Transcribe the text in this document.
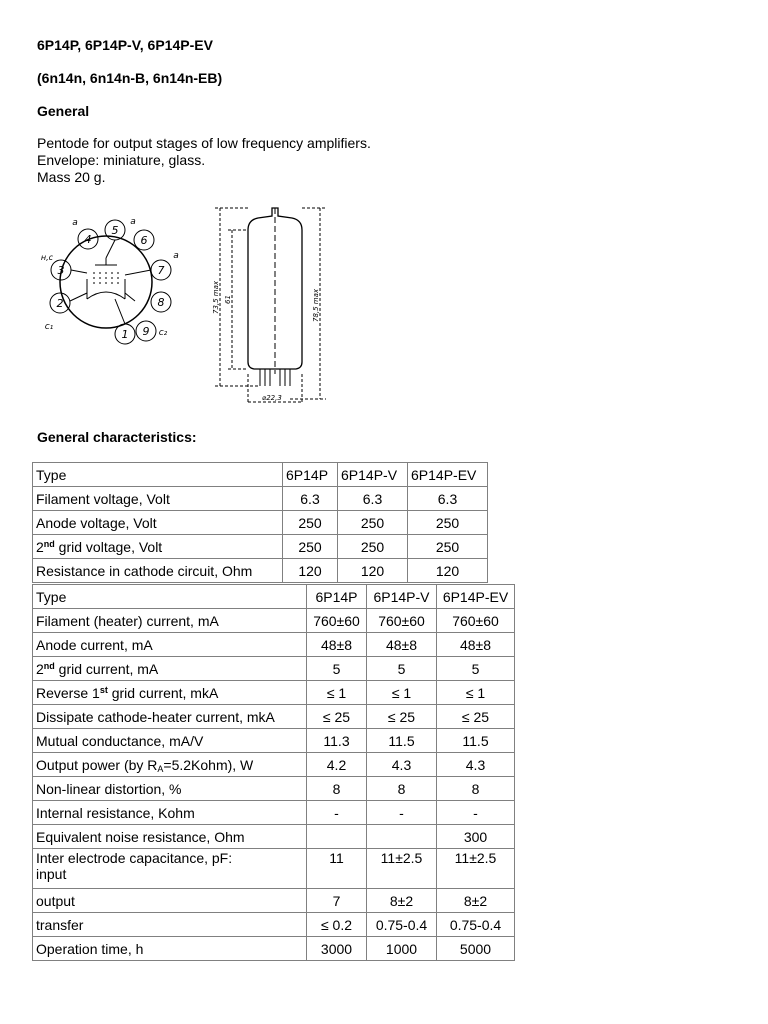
6P14P, 6P14P-V, 6P14P-EV
(6n14n, 6n14n-B, 6n14n-EB)
General
Pentode for output stages of low frequency amplifiers.
Envelope: miniature, glass.
Mass 20 g.
1
2
3
4
5
6
7
8
9
a	a
a
н,с
c₁
c₂
73,5 max 61	78,5 max
⌀22,3
General characteristics:
Type	6P14P	6P14P-V	6P14P-EV
Filament voltage, Volt	6.3	6.3	6.3
Anode voltage, Volt	250	250	250
2nd grid voltage, Volt	250	250	250
Resistance in cathode circuit, Ohm	120	120	120
Type	6P14P	6P14P-V	6P14P-EV
Filament (heater) current, mA	760±60	760±60	760±60
Anode current, mA	48±8	48±8	48±8
2nd grid current, mA	5	5	5
Reverse 1st grid current, mkA	≤ 1	≤ 1	≤ 1
Dissipate cathode-heater current, mkA	≤ 25	≤ 25	≤ 25
Mutual conductance, mA/V	11.3	11.5	11.5
Output power (by $R_A=5.2Kohm$), W	4.2	4.3	4.3
Non-linear distortion, %	8	8	8
Internal resistance, Kohm	-	-	-
Equivalent noise resistance, Ohm			300

Inter electrode capacitance, pF:
input	11	11±2.5	11±2.5
output	7	8±2	8±2
transfer	≤ 0.2	0.75-0.4	0.75-0.4
Operation time, h	3000	1000	5000
